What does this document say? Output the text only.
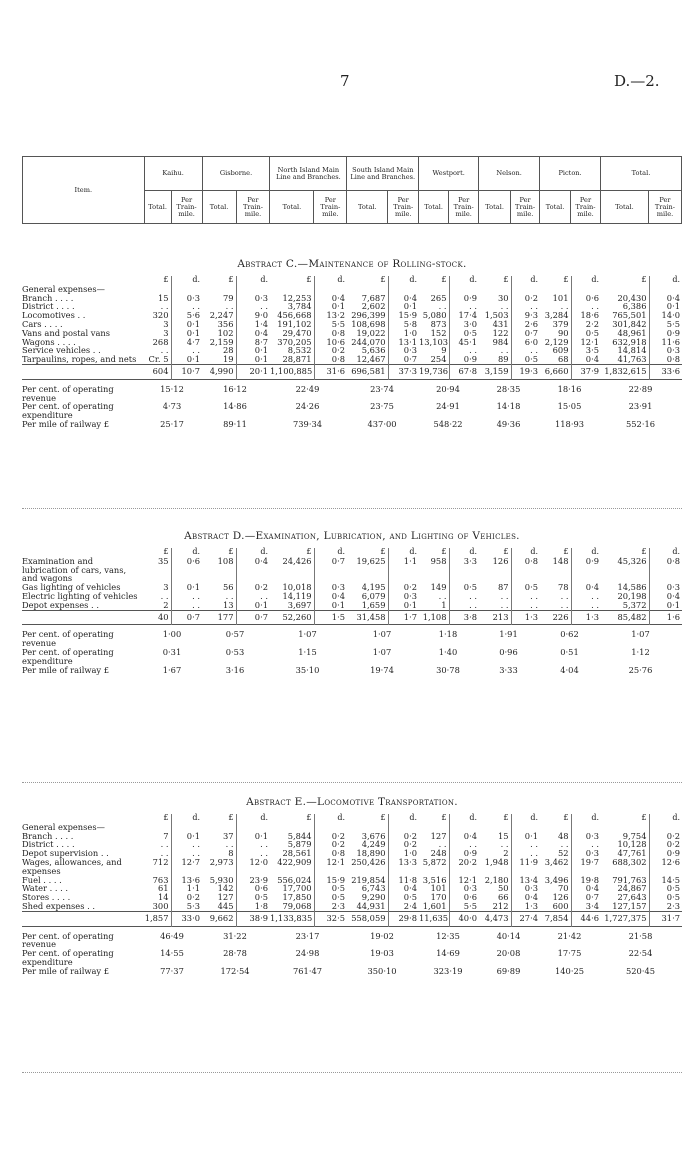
7	D.—2.
Item.	Kaihu.		Gisborne.		North Island Main Line and Branches.		South Island Main Line and Branches.		Westport.		Nelson.		Picton.		Total.	
	Total.	Per Train-mile.	Total.	Per Train-mile.	Total.	Per Train-mile.	Total.	Per Train-mile.	Total.	Per Train-mile.	Total.	Per Train-mile.	Total.	Per Train-mile.	Total.	Per Train-mile.
Abstract C.—Maintenance of Rolling-stock.
	£	d.	£	d.	£	d.	£	d.	£	d.	£	d.	£	d.	£	d.
General expenses—																
Branch . . . .	15	0·3	79	0·3	12,253	0·4	7,687	0·4	265	0·9	30	0·2	101	0·6	20,430	0·4
District . . . .	. .	. .	. .	. .	3,784	0·1	2,602	0·1	. .	. .	. .	. .	. .	. .	6,386	0·1
Locomotives . .	320	5·6	2,247	9·0	456,668	13·2	296,399	15·9	5,080	17·4	1,503	9·3	3,284	18·6	765,501	14·0
Cars . . . .	3	0·1	356	1·4	191,102	5·5	108,698	5·8	873	3·0	431	2·6	379	2·2	301,842	5·5
Vans and postal vans	3	0·1	102	0·4	29,470	0·8	19,022	1·0	152	0·5	122	0·7	90	0·5	48,961	0·9
Wagons . . . .	268	4·7	2,159	8·7	370,205	10·6	244,070	13·1	13,103	45·1	984	6·0	2,129	12·1	632,918	11·6
Service vehicles . .	. .	. .	28	0·1	8,532	0·2	5,636	0·3	9	. .	. .	. .	609	3·5	14,814	0·3
Tarpaulins, ropes, and nets	Cr. 5	0·1	19	0·1	28,871	0·8	12,467	0·7	254	0·9	89	0·5	68	0·4	41,763	0·8
	604	10·7	4,990	20·1	1,100,885	31·6	696,581	37·3	19,736	67·8	3,159	19·3	6,660	37·9	1,832,615	33·6
Per cent. of operating revenue	15·12		16·12		22·49		23·74		20·94		28·35		18·16		22·89	
Per cent. of operating expenditure	4·73		14·86		24·26		23·75		24·91		14·18		15·05		23·91	
Per mile of railway £	25·17		89·11		739·34		437·00		548·22		49·36		118·93		552·16	
Abstract D.—Examination, Lubrication, and Lighting of Vehicles.
	£	d.	£	d.	£	d.	£	d.	£	d.	£	d.	£	d.	£	d.
Examination and lubrication of cars, vans, and wagons	35	0·6	108	0·4	24,426	0·7	19,625	1·1	958	3·3	126	0·8	148	0·9	45,326	0·8
Gas lighting of vehicles	3	0·1	56	0·2	10,018	0·3	4,195	0·2	149	0·5	87	0·5	78	0·4	14,586	0·3
Electric lighting of vehicles	. .	. .	. .	. .	14,119	0·4	6,079	0·3	. .	. .	. .	. .	. .	. .	20,198	0·4
Depot expenses . .	2	. .	13	0·1	3,697	0·1	1,659	0·1	1	. .	. .	. .	. .	. .	5,372	0·1
	40	0·7	177	0·7	52,260	1·5	31,458	1·7	1,108	3·8	213	1·3	226	1·3	85,482	1·6
Per cent. of operating revenue	1·00		0·57		1·07		1·07		1·18		1·91		0·62		1·07	
Per cent. of operating expenditure	0·31		0·53		1·15		1·07		1·40		0·96		0·51		1·12	
Per mile of railway £	1·67		3·16		35·10		19·74		30·78		3·33		4·04		25·76	
Abstract E.—Locomotive Transportation.
	£	d.	£	d.	£	d.	£	d.	£	d.	£	d.	£	d.	£	d.
General expenses—																
Branch . . . .	7	0·1	37	0·1	5,844	0·2	3,676	0·2	127	0·4	15	0·1	48	0·3	9,754	0·2
District . . . .	. .	. .	. .	. .	5,879	0·2	4,249	0·2	. .	. .	. .	. .	. .	. .	10,128	0·2
Depot supervision . .	. .	. .	8	. .	28,561	0·8	18,890	1·0	248	0·9	2	. .	52	0·3	47,761	0·9
Wages, allowances, and expenses	712	12·7	2,973	12·0	422,909	12·1	250,426	13·3	5,872	20·2	1,948	11·9	3,462	19·7	688,302	12·6
Fuel . . . .	763	13·6	5,930	23·9	556,024	15·9	219,854	11·8	3,516	12·1	2,180	13·4	3,496	19·8	791,763	14·5
Water . . . .	61	1·1	142	0·6	17,700	0·5	6,743	0·4	101	0·3	50	0·3	70	0·4	24,867	0·5
Stores . . . .	14	0·2	127	0·5	17,850	0·5	9,290	0·5	170	0·6	66	0·4	126	0·7	27,643	0·5
Shed expenses . .	300	5·3	445	1·8	79,068	2·3	44,931	2·4	1,601	5·5	212	1·3	600	3·4	127,157	2·3
	1,857	33·0	9,662	38·9	1,133,835	32·5	558,059	29·8	11,635	40·0	4,473	27·4	7,854	44·6	1,727,375	31·7
Per cent. of operating revenue	46·49		31·22		23·17		19·02		12·35		40·14		21·42		21·58	
Per cent. of operating expenditure	14·55		28·78		24·98		19·03		14·69		20·08		17·75		22·54	
Per mile of railway £	77·37		172·54		761·47		350·10		323·19		69·89		140·25		520·45	
